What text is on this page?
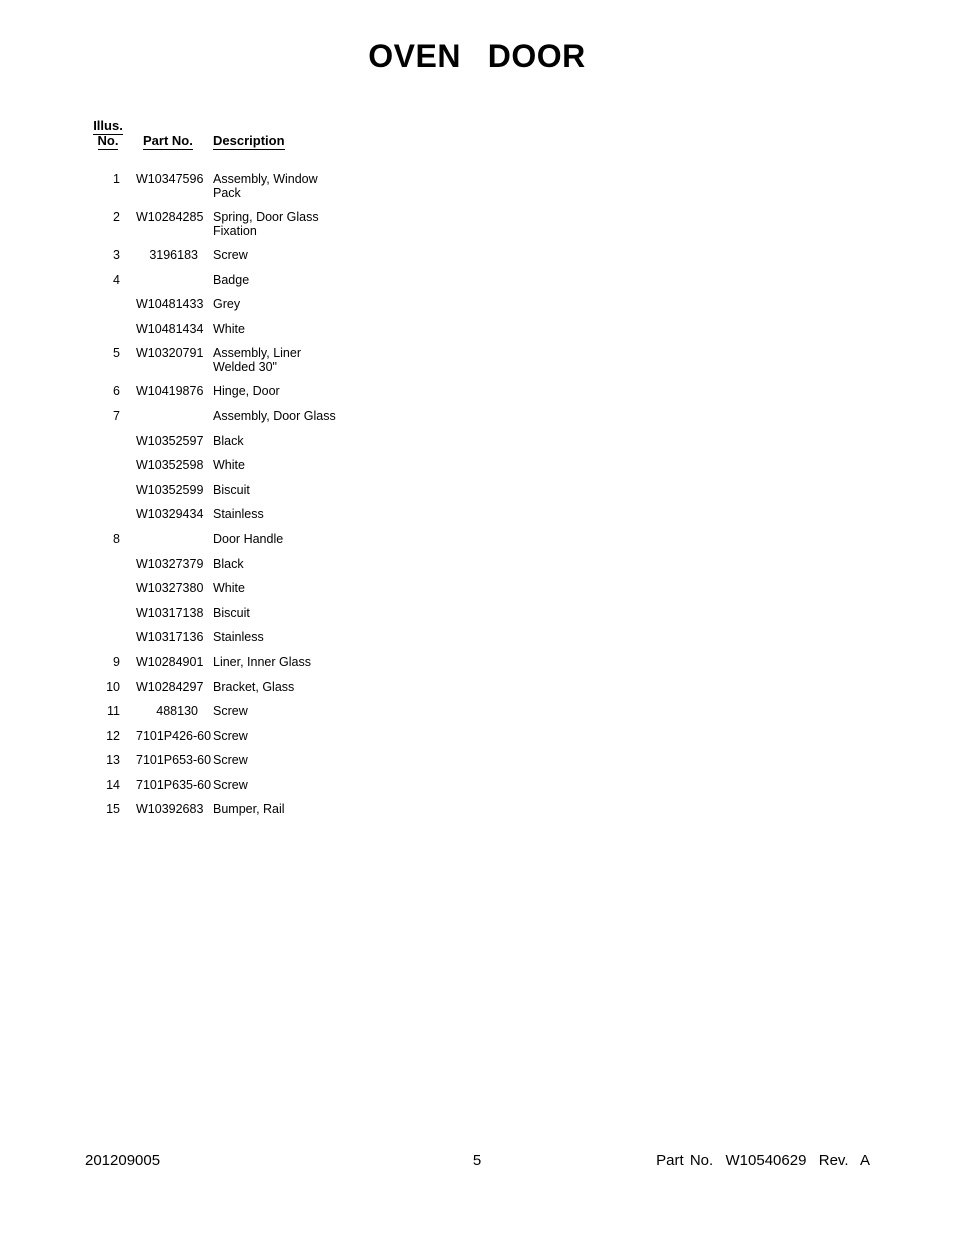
OVEN  DOOR
Illus.
No.	Part No. Description
1 W10347596 Assembly, Window Pack
2 W10284285 Spring, Door Glass Fixation
3	3196183 Screw
4	Badge
W10481433 Grey
W10481434 White
5 W10320791 Assembly, Liner Welded 30"
6 W10419876 Hinge, Door
7	Assembly, Door Glass
W10352597 Black
W10352598 White
W10352599 Biscuit
W10329434 Stainless
8	Door Handle
W10327379 Black
W10327380 White
W10317138 Biscuit
W10317136 Stainless
9 W10284901 Liner, Inner Glass
10 W10284297 Bracket, Glass
11	488130 Screw
12 7101P426-60 Screw
13 7101P653-60 Screw
14 7101P635-60 Screw
15 W10392683 Bumper, Rail
201209005	5	Part No.  W10540629  Rev.  A
